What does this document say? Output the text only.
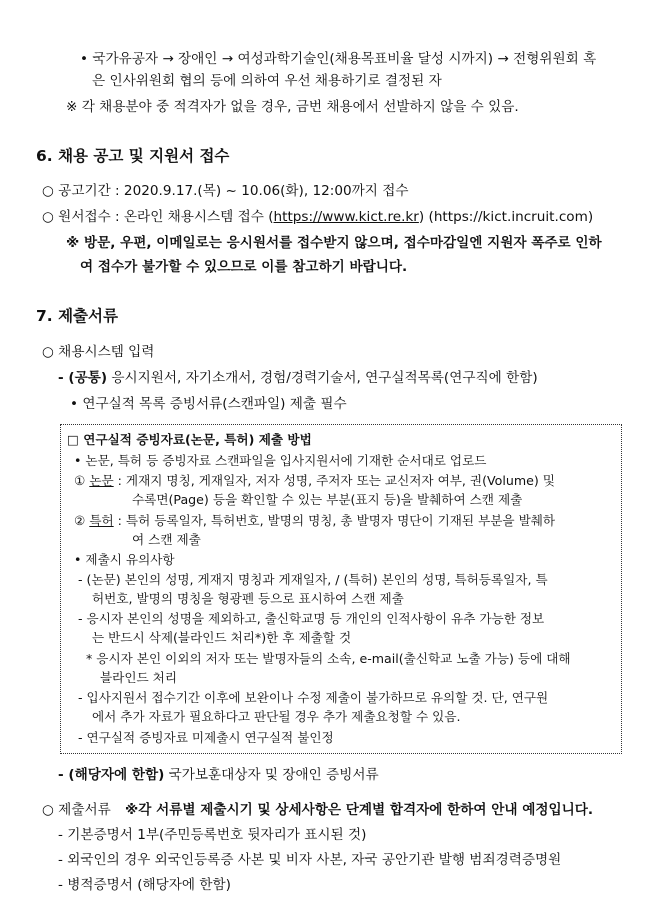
• 국가유공자 → 장애인 → 여성과학기술인(채용목표비율 달성 시까지) → 전형위원회 혹
은 인사위원회 협의 등에 의하여 우선 채용하기로 결정된 자
※ 각 채용분야 중 적격자가 없을 경우, 금번 채용에서 선발하지 않을 수 있음.
6. 채용 공고 및 지원서 접수
○ 공고기간 : 2020.9.17.(목) ~ 10.06(화), 12:00까지 접수
○ 원서접수 : 온라인 채용시스템 접수 (https://www.kict.re.kr) (https://kict.incruit.com)
※ 방문, 우편, 이메일로는 응시원서를 접수받지 않으며, 접수마감일엔 지원자 폭주로 인하
여 접수가 불가할 수 있으므로 이를 참고하기 바랍니다.
7. 제출서류
○ 채용시스템 입력
- (공통) 응시지원서, 자기소개서, 경험/경력기술서, 연구실적목록(연구직에 한함)
• 연구실적 목록 증빙서류(스캔파일) 제출 필수
□ 연구실적 증빙자료(논문, 특허) 제출 방법
• 논문, 특허 등 증빙자료 스캔파일을 입사지원서에 기재한 순서대로 업로드
① 논문 : 게재지 명칭, 게재일자, 저자 성명, 주저자 또는 교신저자 여부, 권(Volume) 및
수록면(Page) 등을 확인할 수 있는 부분(표지 등)을 발췌하여 스캔 제출
② 특허 : 특허 등록일자, 특허번호, 발명의 명칭, 총 발명자 명단이 기재된 부분을 발췌하
여 스캔 제출
• 제출시 유의사항
- (논문) 본인의 성명, 게재지 명칭과 게재일자, / (특허) 본인의 성명, 특허등록일자, 특
허번호, 발명의 명칭을 형광펜 등으로 표시하여 스캔 제출
- 응시자 본인의 성명을 제외하고, 출신학교명 등 개인의 인적사항이 유추 가능한 정보
는 반드시 삭제(블라인드 처리*)한 후 제출할 것
* 응시자 본인 이외의 저자 또는 발명자들의 소속, e-mail(출신학교 노출 가능) 등에 대해
블라인드 처리
- 입사지원서 접수기간 이후에 보완이나 수정 제출이 불가하므로 유의할 것. 단, 연구원
에서 추가 자료가 필요하다고 판단될 경우 추가 제출요청할 수 있음.
- 연구실적 증빙자료 미제출시 연구실적 불인정
- (해당자에 한함) 국가보훈대상자 및 장애인 증빙서류
○ 제출서류 ※각 서류별 제출시기 및 상세사항은 단계별 합격자에 한하여 안내 예정입니다.
- 기본증명서 1부(주민등록번호 뒷자리가 표시된 것)
- 외국인의 경우 외국인등록증 사본 및 비자 사본, 자국 공안기관 발행 범죄경력증명원
- 병적증명서 (해당자에 한함)
